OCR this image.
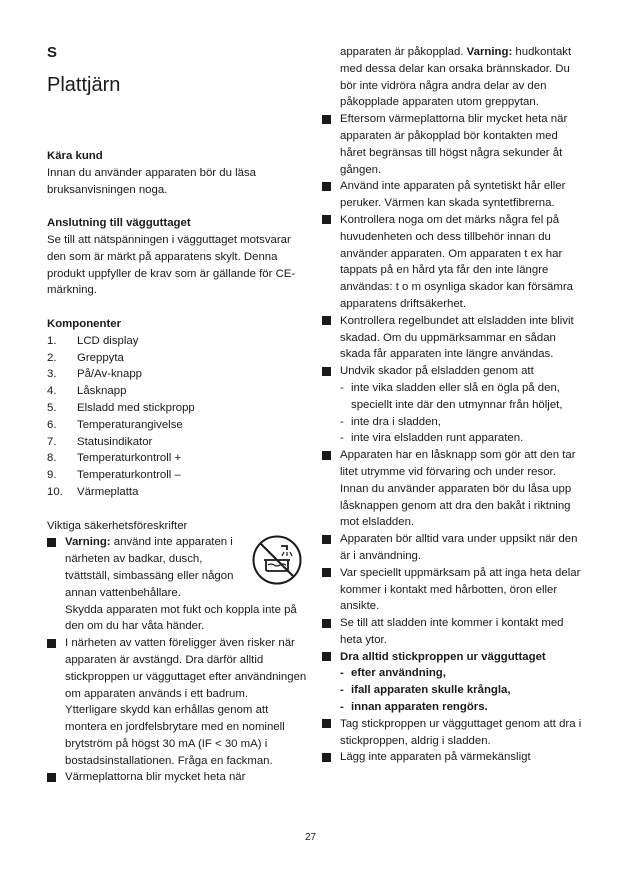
S
Plattjärn

Kära kund

Innan du använder apparaten bör du läsa bruksanvisningen noga.

Anslutning till vägguttaget

Se till att nätspänningen i vägguttaget motsvarar den som är märkt på apparatens skylt. Denna produkt uppfyller de krav som är gällande för CE-märkning.

Komponenter

1.	LCD display
2.	Greppyta
3.	På/Av-knapp
4.	Låsknapp
5.	Elsladd med stickpropp
6.	Temperaturangivelse
7.	Statusindikator
8.	Temperaturkontroll +
9.	Temperaturkontroll –
10.	Värmeplatta

Viktiga säkerhetsföreskrifter

Varning: använd inte apparaten i närheten av badkar, dusch, tvättställ, simbassäng eller någon annan vattenbehållare.
Skydda apparaten mot fukt och koppla inte på den om du har våta händer.
I närheten av vatten föreligger även risker när apparaten är avstängd. Dra därför alltid stickproppen ur vägguttaget efter användningen om apparaten används i ett badrum.
Ytterligare skydd kan erhållas genom att montera en jordfelsbrytare med en nominell brytström på högst 30 mA (IF < 30 mA) i bostadsinstallationen. Fråga en fackman.
Värmeplattorna blir mycket heta när
apparaten är påkopplad. Varning: hudkontakt med dessa delar kan orsaka brännskador. Du bör inte vidröra några andra delar av den påkopplade apparaten utom greppytan.
Eftersom värmeplattorna blir mycket heta när apparaten är påkopplad bör kontakten med håret begränsas till högst några sekunder åt gången.
Använd inte apparaten på syntetiskt hår eller peruker. Värmen kan skada syntetfibrerna.
Kontrollera noga om det märks några fel på huvudenheten och dess tillbehör innan du använder apparaten. Om apparaten t ex har tappats på en hård yta får den inte längre användas: t o m osynliga skador kan försämra apparatens driftsäkerhet.
Kontrollera regelbundet att elsladden inte blivit skadad. Om du uppmärksammar en sådan skada får apparaten inte längre användas.
Undvik skador på elsladden genom att
- inte vika sladden eller slå en ögla på den, speciellt inte där den utmynnar från höljet,
- inte dra i sladden,
- inte vira elsladden runt apparaten.
Apparaten har en låsknapp som gör att den tar litet utrymme vid förvaring och under resor. Innan du använder apparaten bör du låsa upp låsknappen genom att dra den bakåt i riktning mot elsladden.
Apparaten bör alltid vara under uppsikt när den är i användning.
Var speciellt uppmärksam på att inga heta delar kommer i kontakt med hårbotten, öron eller ansikte.
Se till att sladden inte kommer i kontakt med heta ytor.
Dra alltid stickproppen ur vägguttaget
- efter användning,
- ifall apparaten skulle krångla,
- innan apparaten rengörs.
Tag stickproppen ur vägguttaget genom att dra i stickproppen, aldrig i sladden.
Lägg inte apparaten på värmekänsligt
27
